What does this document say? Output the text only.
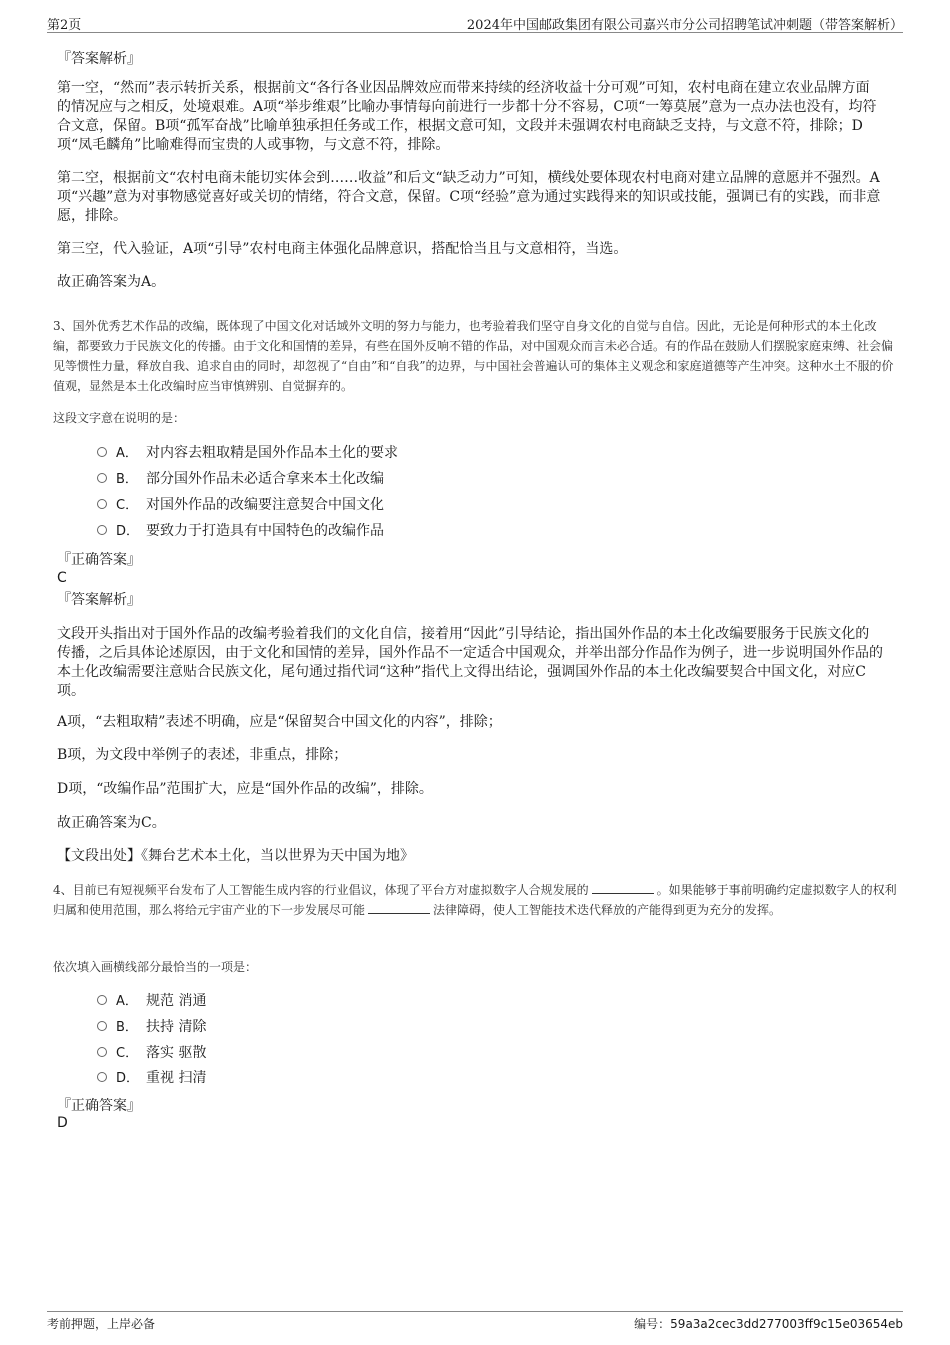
第2页	2024年中国邮政集团有限公司嘉兴市分公司招聘笔试冲刺题（带答案解析）
『答案解析』

第一空，“然而”表示转折关系，根据前文“各行各业因品牌效应而带来持续的经济收益十分可观”可知，农村电商在建立农业品牌方面的情况应与之相反，处境艰难。A项“举步维艰”比喻办事情每向前进行一步都十分不容易，C项“一筹莫展”意为一点办法也没有，均符合文意，保留。B项“孤军奋战”比喻单独承担任务或工作，根据文意可知，文段并未强调农村电商缺乏支持，与文意不符，排除；D项“凤毛麟角”比喻难得而宝贵的人或事物，与文意不符，排除。

第二空，根据前文“农村电商未能切实体会到……收益”和后文“缺乏动力”可知，横线处要体现农村电商对建立品牌的意愿并不强烈。A项“兴趣”意为对事物感觉喜好或关切的情绪，符合文意，保留。C项“经验”意为通过实践得来的知识或技能，强调已有的实践，而非意愿，排除。

第三空，代入验证，A项“引导”农村电商主体强化品牌意识，搭配恰当且与文意相符，当选。

故正确答案为A。

3、国外优秀艺术作品的改编，既体现了中国文化对话域外文明的努力与能力，也考验着我们坚守自身文化的自觉与自信。因此，无论是何种形式的本土化改编，都要致力于民族文化的传播。由于文化和国情的差异，有些在国外反响不错的作品，对中国观众而言未必合适。有的作品在鼓励人们摆脱家庭束缚、社会偏见等惯性力量，释放自我、追求自由的同时，却忽视了“自由”和“自我”的边界，与中国社会普遍认可的集体主义观念和家庭道德等产生冲突。这种水土不服的价值观，显然是本土化改编时应当审慎辨别、自觉摒弃的。

这段文字意在说明的是：
A． 对内容去粗取精是国外作品本土化的要求
B． 部分国外作品未必适合拿来本土化改编
C． 对国外作品的改编要注意契合中国文化
D． 要致力于打造具有中国特色的改编作品
『正确答案』
C
『答案解析』

文段开头指出对于国外作品的改编考验着我们的文化自信，接着用“因此”引导结论，指出国外作品的本土化改编要服务于民族文化的传播，之后具体论述原因，由于文化和国情的差异，国外作品不一定适合中国观众，并举出部分作品作为例子，进一步说明国外作品的本土化改编需要注意贴合民族文化，尾句通过指代词“这种”指代上文得出结论，强调国外作品的本土化改编要契合中国文化，对应C项。

A项，“去粗取精”表述不明确，应是“保留契合中国文化的内容”，排除；

B项，为文段中举例子的表述，非重点，排除；

D项，“改编作品”范围扩大，应是“国外作品的改编”，排除。

故正确答案为C。

【文段出处】《舞台艺术本土化，当以世界为天中国为地》

4、目前已有短视频平台发布了人工智能生成内容的行业倡议，体现了平台方对虚拟数字人合规发展的	。如果能够于事前明确约定虚拟数字人的权利归属和使用范围，那么将给元宇宙产业的下一步发展尽可能	法律障碍，使人工智能技术迭代释放的产能得到更为充分的发挥。

依次填入画横线部分最恰当的一项是：
A． 规范 消通
B． 扶持 清除
C． 落实 驱散
D． 重视 扫清
『正确答案』
D
考前押题，上岸必备	编号：59a3a2cec3dd277003ff9c15e03654eb
